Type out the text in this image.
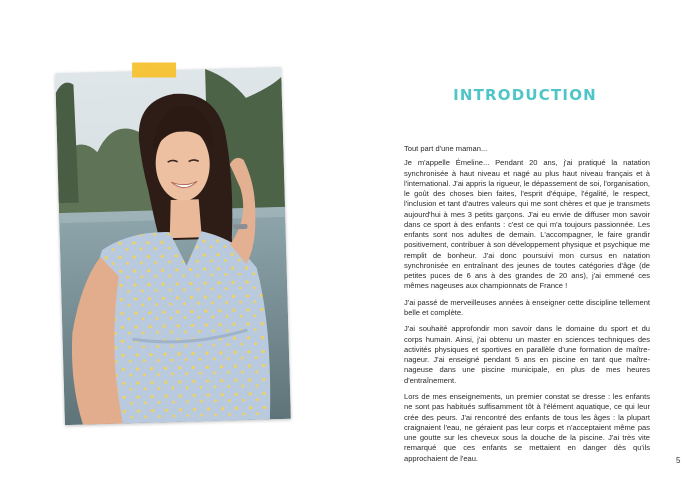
INTRODUCTION

Tout part d'une maman...

Je m'appelle Émeline... Pendant 20 ans, j'ai pratiqué la natation synchronisée à haut niveau et nagé au plus haut niveau français et à l'international. J'ai appris la rigueur, le dépassement de soi, l'organisation, le goût des choses bien faites, l'esprit d'équipe, l'égalité, le respect, l'inclusion et tant d'autres valeurs qui me sont chères et que je transmets aujourd'hui à mes 3 petits garçons. J'ai eu envie de diffuser mon savoir dans ce sport à des enfants : c'est ce qui m'a toujours passionnée. Les enfants sont nos adultes de demain. L'accompagner, le faire grandir positivement, contribuer à son développement physique et psychique me remplit de bonheur. J'ai donc poursuivi mon cursus en natation synchronisée en entraînant des jeunes de toutes catégories d'âge (de petites puces de 6 ans à des grandes de 20 ans), j'ai emmené ces mêmes nageuses aux championnats de France !

J'ai passé de merveilleuses années à enseigner cette discipline tellement belle et complète.

J'ai souhaité approfondir mon savoir dans le domaine du sport et du corps humain. Ainsi, j'ai obtenu un master en sciences techniques des activités physiques et sportives en parallèle d'une formation de maître-nageur. J'ai enseigné pendant 5 ans en piscine en tant que maître-nageuse dans une piscine municipale, en plus de mes heures d'entraînement.

Lors de mes enseignements, un premier constat se dresse : les enfants ne sont pas habitués suffisamment tôt à l'élément aquatique, ce qui leur crée des peurs. J'ai rencontré des enfants de tous les âges : la plupart craignaient l'eau, ne géraient pas leur corps et n'acceptaient même pas une goutte sur les cheveux sous la douche de la piscine. J'ai très vite remarqué que ces enfants se mettaient en danger dès qu'ils approchaient de l'eau.	5
